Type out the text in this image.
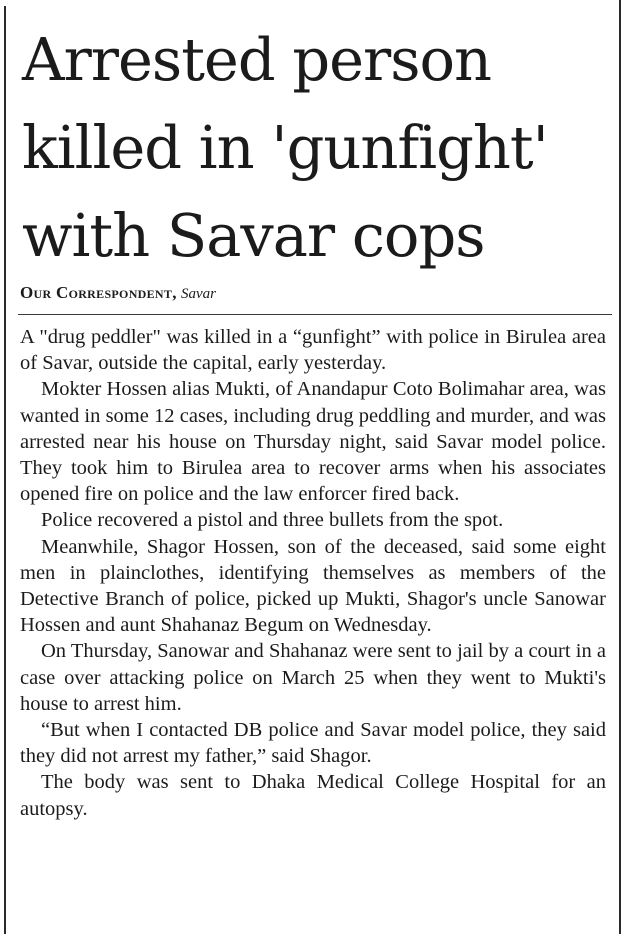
Arrested person
killed in 'gunfight'
with Savar cops
Our Correspondent, Savar

A "drug peddler" was killed in a “gunfight” with police in Birulea area of Savar, outside the capital, early yesterday.

Mokter Hossen alias Mukti, of Anandapur Coto Bolimahar area, was wanted in some 12 cases, including drug peddling and murder, and was arrested near his house on Thursday night, said Savar model police. They took him to Birulea area to recover arms when his associates opened fire on police and the law enforcer fired back.

Police recovered a pistol and three bullets from the spot.

Meanwhile, Shagor Hossen, son of the deceased, said some eight men in plainclothes, identifying themselves as members of the Detective Branch of police, picked up Mukti, Shagor's uncle Sanowar Hossen and aunt Shahanaz Begum on Wednesday.

On Thursday, Sanowar and Shahanaz were sent to jail by a court in a case over attacking police on March 25 when they went to Mukti's house to arrest him.

“But when I contacted DB police and Savar model police, they said they did not arrest my father,” said Shagor.

The body was sent to Dhaka Medical College Hospital for an autopsy.
